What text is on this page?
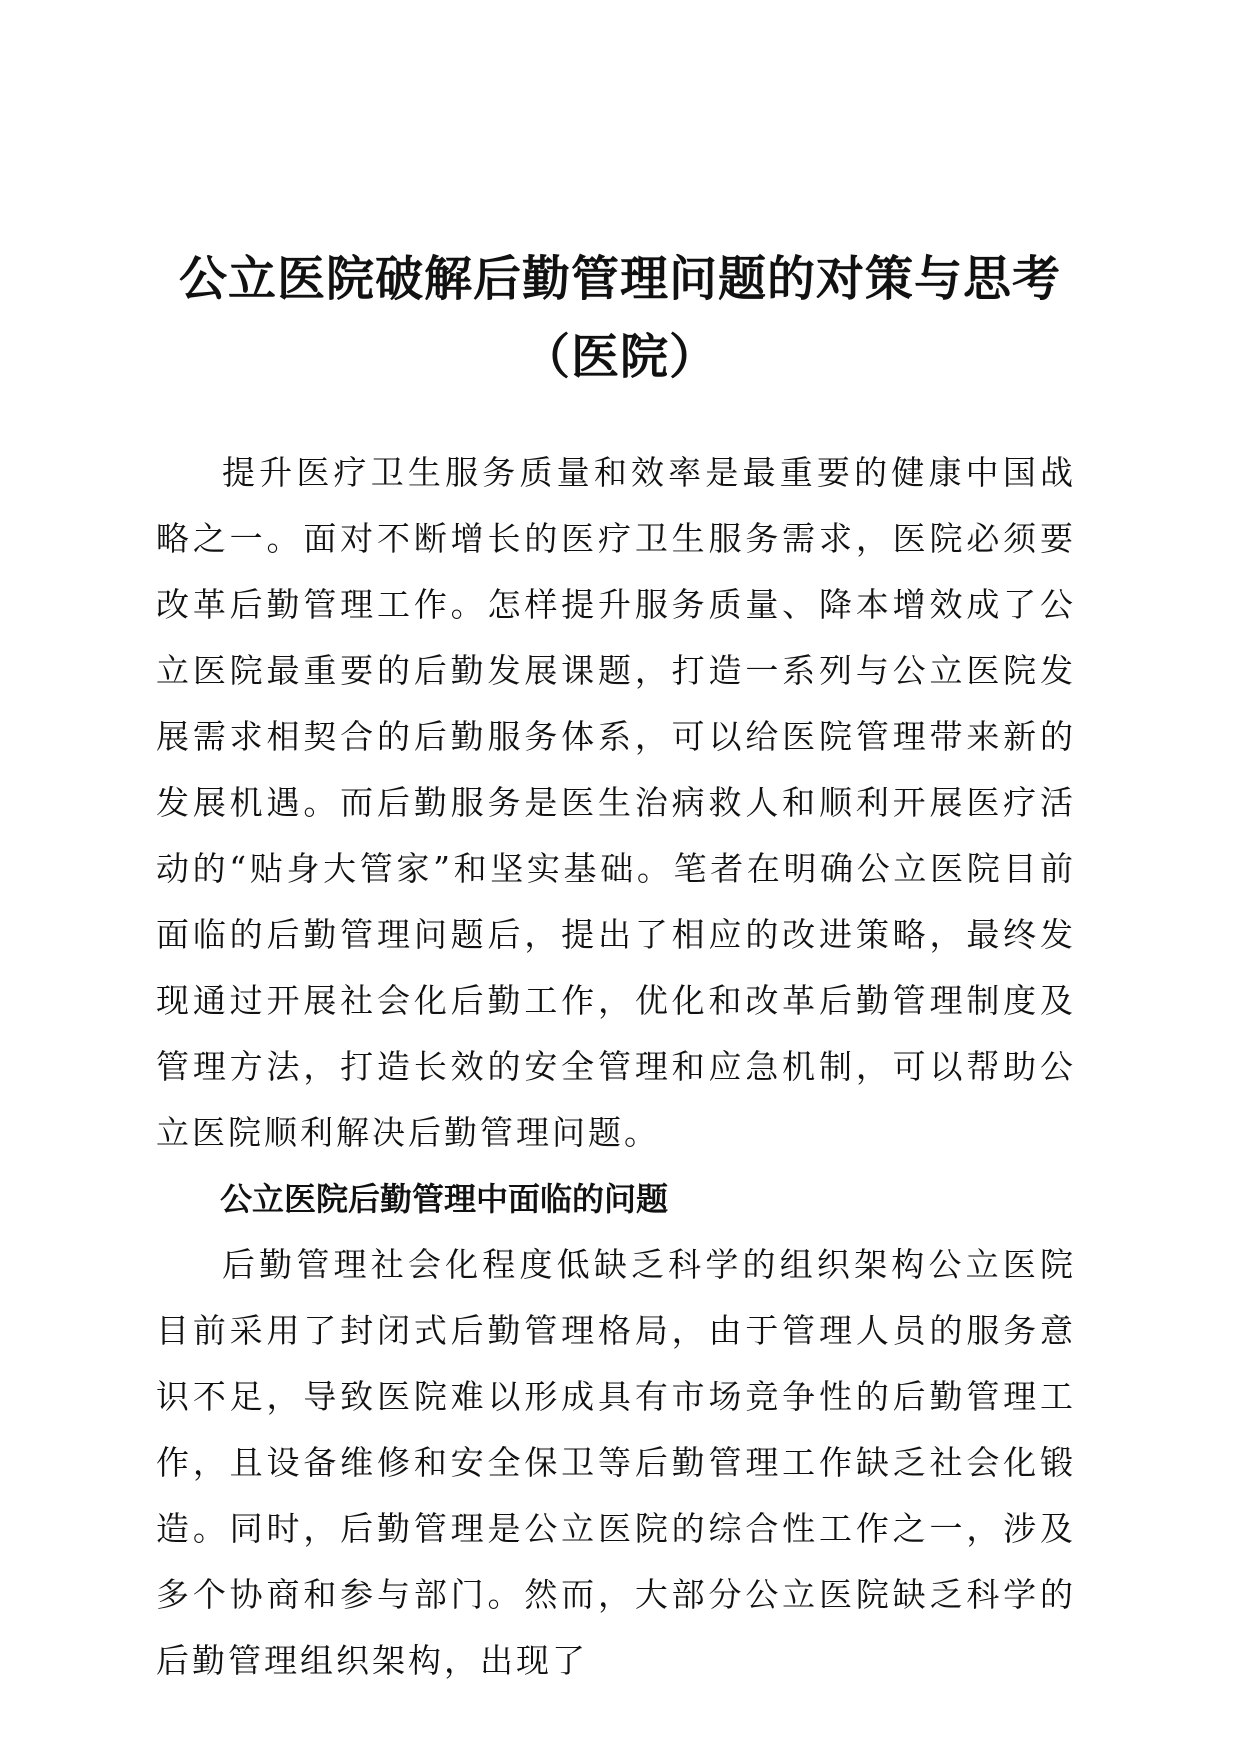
公立医院破解后勤管理问题的对策与思考（医院）

提升医疗卫生服务质量和效率是最重要的健康中国战略之一。面对不断增长的医疗卫生服务需求，医院必须要改革后勤管理工作。怎样提升服务质量、降本增效成了公立医院最重要的后勤发展课题，打造一系列与公立医院发展需求相契合的后勤服务体系，可以给医院管理带来新的发展机遇。而后勤服务是医生治病救人和顺利开展医疗活动的“贴身大管家”和坚实基础。笔者在明确公立医院目前面临的后勤管理问题后，提出了相应的改进策略，最终发现通过开展社会化后勤工作，优化和改革后勤管理制度及管理方法，打造长效的安全管理和应急机制，可以帮助公立医院顺利解决后勤管理问题。

公立医院后勤管理中面临的问题

后勤管理社会化程度低缺乏科学的组织架构公立医院目前采用了封闭式后勤管理格局，由于管理人员的服务意识不足，导致医院难以形成具有市场竞争性的后勤管理工作，且设备维修和安全保卫等后勤管理工作缺乏社会化锻造。同时，后勤管理是公立医院的综合性工作之一，涉及多个协商和参与部门。然而，大部分公立医院缺乏科学的后勤管理组织架构，出现了
